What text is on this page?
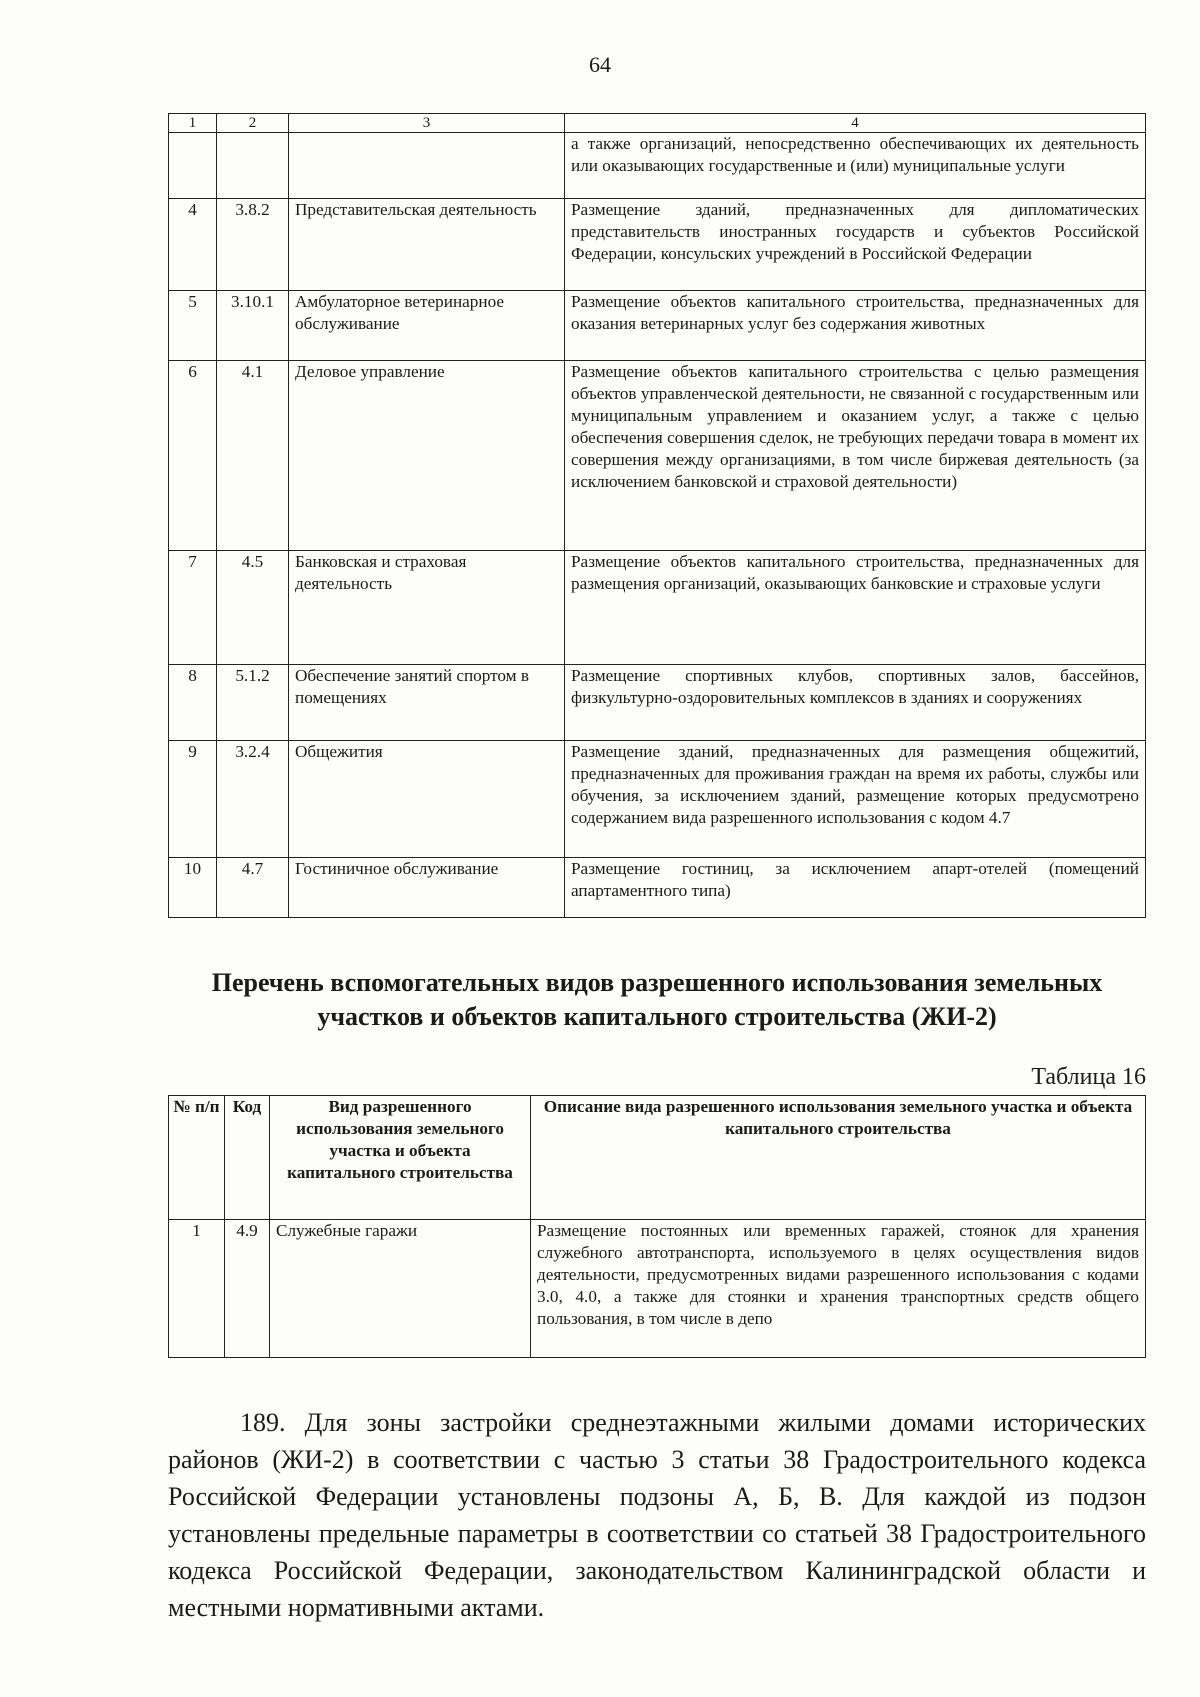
64
1	2	3	4
			а также организаций, непосредственно обеспечивающих их деятельность или оказывающих государственные и (или) муниципальные услуги
4	3.8.2	Представительская деятельность	Размещение зданий, предназначенных для дипломатических представительств иностранных государств и субъектов Российской Федерации, консульских учреждений в Российской Федерации
5	3.10.1	Амбулаторное ветеринарное обслуживание	Размещение объектов капитального строительства, предназначенных для оказания ветеринарных услуг без содержания животных
6	4.1	Деловое управление	Размещение объектов капитального строительства с целью размещения объектов управленческой деятельности, не связанной с государственным или муниципальным управлением и оказанием услуг, а также с целью обеспечения совершения сделок, не требующих передачи товара в момент их совершения между организациями, в том числе биржевая деятельность (за исключением банковской и страховой деятельности)
7	4.5	Банковская и страховая деятельность	Размещение объектов капитального строительства, предназначенных для размещения организаций, оказывающих банковские и страховые услуги
8	5.1.2	Обеспечение занятий спортом в помещениях	Размещение спортивных клубов, спортивных залов, бассейнов, физкультурно-оздоровительных комплексов в зданиях и сооружениях
9	3.2.4	Общежития	Размещение зданий, предназначенных для размещения общежитий, предназначенных для проживания граждан на время их работы, службы или обучения, за исключением зданий, размещение которых предусмотрено содержанием вида разрешенного использования с кодом 4.7
10	4.7	Гостиничное обслуживание	Размещение гостиниц, за исключением апарт-отелей (помещений апартаментного типа)
Перечень вспомогательных видов разрешенного использования земельных участков и объектов капитального строительства (ЖИ-2)
Таблица 16
№ п/п	Код	Вид разрешенного использования земельного участка и объекта капитального строительства	Описание вида разрешенного использования земельного участка и объекта капитального строительства
1	4.9	Служебные гаражи	Размещение постоянных или временных гаражей, стоянок для хранения служебного автотранспорта, используемого в целях осуществления видов деятельности, предусмотренных видами разрешенного использования с кодами 3.0, 4.0, а также для стоянки и хранения транспортных средств общего пользования, в том числе в депо
189. Для зоны застройки среднеэтажными жилыми домами исторических районов (ЖИ-2) в соответствии с частью 3 статьи 38 Градостроительного кодекса Российской Федерации установлены подзоны А, Б, В. Для каждой из подзон установлены предельные параметры в соответствии со статьей 38 Градостроительного кодекса Российской Федерации, законодательством Калининградской области и местными нормативными актами.
